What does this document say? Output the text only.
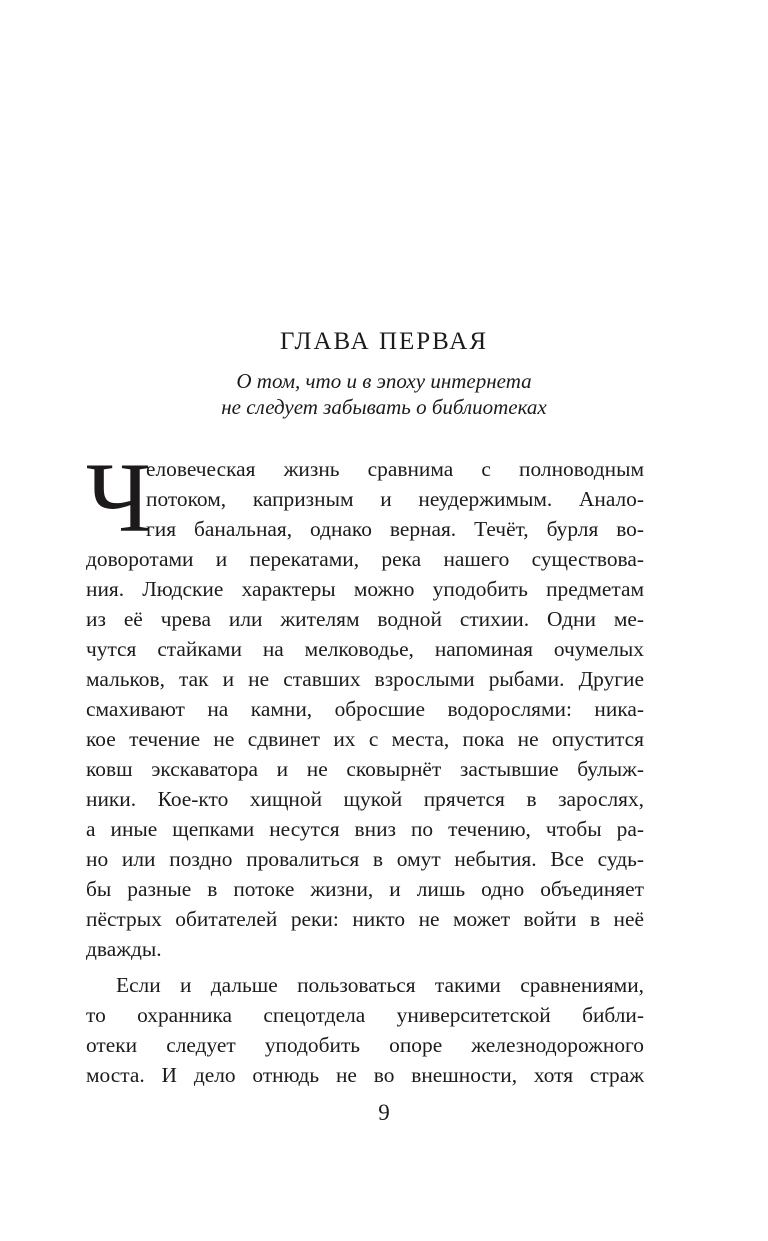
ГЛАВА ПЕРВАЯ
О том, что и в эпоху интернета
не следует забывать о библиотеках
Ч
еловеческая жизнь сравнима с полноводным
потоком, капризным и неудержимым. Анало-
гия банальная, однако верная. Течёт, бурля во-
доворотами и перекатами, река нашего существова-
ния. Людские характеры можно уподобить предметам
из её чрева или жителям водной стихии. Одни ме-
чутся стайками на мелководье, напоминая очумелых
мальков, так и не ставших взрослыми рыбами. Другие
смахивают на камни, обросшие водорослями: ника-
кое течение не сдвинет их с места, пока не опустится
ковш экскаватора и не сковырнёт застывшие булыж-
ники. Кое-кто хищной щукой прячется в зарослях,
а иные щепками несутся вниз по течению, чтобы ра-
но или поздно провалиться в омут небытия. Все судь-
бы разные в потоке жизни, и лишь одно объединяет
пёстрых обитателей реки: никто не может войти в неё
дважды.
Если и дальше пользоваться такими сравнениями,
то охранника спецотдела университетской библи-
отеки следует уподобить опоре железнодорожного
моста. И дело отнюдь не во внешности, хотя страж
9
